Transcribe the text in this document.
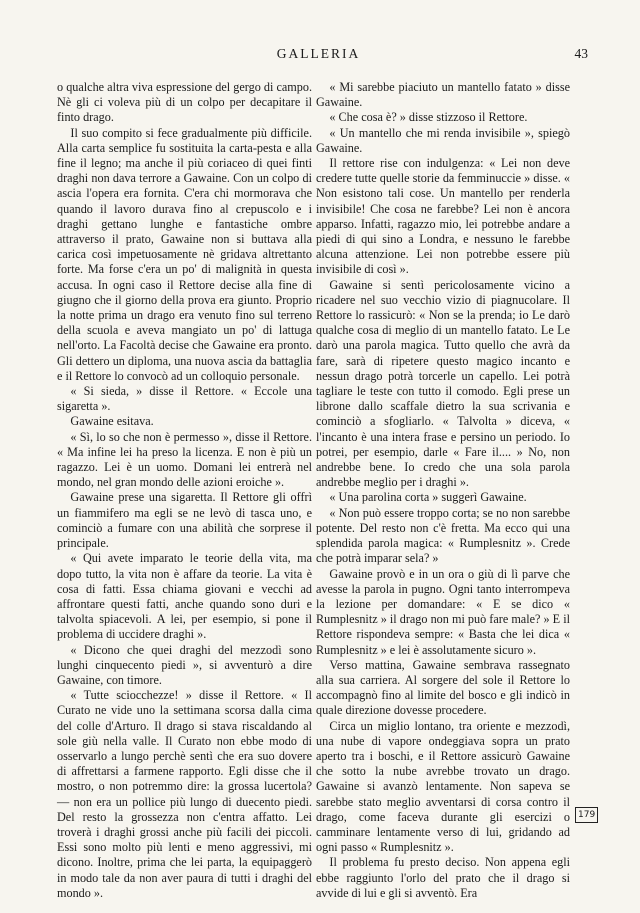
GALLERIA	43

o qualche altra viva espressione del gergo di campo. Nè gli ci voleva più di un colpo per decapitare il finto drago.

Il suo compito si fece gradualmente più difficile. Alla carta semplice fu sostituita la carta-pesta e alla fine il legno; ma anche il più coriaceo di quei finti draghi non dava terrore a Gawaine. Con un colpo di ascia l'opera era fornita. C'era chi mormorava che quando il lavoro durava fino al crepuscolo e i draghi gettano lunghe e fantastiche ombre attraverso il prato, Gawaine non si buttava alla carica così impetuosamente nè gridava altrettanto forte. Ma forse c'era un po' di malignità in questa accusa. In ogni caso il Rettore decise alla fine di giugno che il giorno della prova era giunto. Proprio la notte prima un drago era venuto fino sul terreno della scuola e aveva mangiato un po' di lattuga nell'orto. La Facoltà decise che Gawaine era pronto. Gli dettero un diploma, una nuova ascia da battaglia e il Rettore lo convocò ad un colloquio personale.

« Si sieda, » disse il Rettore. « Eccole una sigaretta ».

Gawaine esitava.

« Sì, lo so che non è permesso », disse il Rettore. « Ma infine lei ha preso la licenza. E non è più un ragazzo. Lei è un uomo. Domani lei entrerà nel mondo, nel gran mondo delle azioni eroiche ».

Gawaine prese una sigaretta. Il Rettore gli offrì un fiammifero ma egli se ne levò di tasca uno, e cominciò a fumare con una abilità che sorprese il principale.

« Qui avete imparato le teorie della vita, ma dopo tutto, la vita non è affare da teorie. La vita è cosa di fatti. Essa chiama giovani e vecchi ad affrontare questi fatti, anche quando sono duri e talvolta spiacevoli. A lei, per esempio, si pone il problema di uccidere draghi ».

« Dicono che quei draghi del mezzodì sono lunghi cinquecento piedi », si avventurò a dire Gawaine, con timore.

« Tutte sciocchezze! » disse il Rettore. « Il Curato ne vide uno la settimana scorsa dalla cima del colle d'Arturo. Il drago si stava riscaldando al sole giù nella valle. Il Curato non ebbe modo di osservarlo a lungo perchè sentì che era suo dovere di affrettarsi a farmene rapporto. Egli disse che il mostro, o non potremmo dire: la grossa lucertola? — non era un pollice più lungo di duecento piedi. Del resto la grossezza non c'entra affatto. Lei troverà i draghi grossi anche più facili dei piccoli. Essi sono molto più lenti e meno aggressivi, mi dicono. Inoltre, prima che lei parta, la equipaggerò in modo tale da non aver paura di tutti i draghi del mondo ».

« Mi sarebbe piaciuto un mantello fatato » disse Gawaine.

« Che cosa è? » disse stizzoso il Rettore.

« Un mantello che mi renda invisibile », spiegò Gawaine.

Il rettore rise con indulgenza: « Lei non deve credere tutte quelle storie da femminuccie » disse. « Non esistono tali cose. Un mantello per renderla invisibile! Che cosa ne farebbe? Lei non è ancora apparso. Infatti, ragazzo mio, lei potrebbe andare a piedi di qui sino a Londra, e nessuno le farebbe alcuna attenzione. Lei non potrebbe essere più invisibile di così ».

Gawaine si sentì pericolosamente vicino a ricadere nel suo vecchio vizio di piagnucolare. Il Rettore lo rassicurò: « Non se la prenda; io Le darò qualche cosa di meglio di un mantello fatato. Le Le darò una parola magica. Tutto quello che avrà da fare, sarà di ripetere questo magico incanto e nessun drago potrà torcerle un capello. Lei potrà tagliare le teste con tutto il comodo. Egli prese un librone dallo scaffale dietro la sua scrivania e cominciò a sfogliarlo. « Talvolta » diceva, « l'incanto è una intera frase e persino un periodo. Io potrei, per esempio, darle « Fare il.... » No, non andrebbe bene. Io credo che una sola parola andrebbe meglio per i draghi ».

« Una parolina corta » suggerì Gawaine.

« Non può essere troppo corta; se no non sarebbe potente. Del resto non c'è fretta. Ma ecco qui una splendida parola magica: « Rumplesnitz ». Crede che potrà imparar sela? »

Gawaine provò e in un ora o giù di lì parve che avesse la parola in pugno. Ogni tanto interrompeva la lezione per domandare: « E se dico « Rumplesnitz » il drago non mi può fare male? » E il Rettore rispondeva sempre: « Basta che lei dica « Rumplesnitz » e lei è assolutamente sicuro ».

Verso mattina, Gawaine sembrava rassegnato alla sua carriera. Al sorgere del sole il Rettore lo accompagnò fino al limite del bosco e gli indicò in quale direzione dovesse procedere.

Circa un miglio lontano, tra oriente e mezzodì, una nube di vapore ondeggiava sopra un prato aperto tra i boschi, e il Rettore assicurò Gawaine che sotto la nube avrebbe trovato un drago. Gawaine si avanzò lentamente. Non sapeva se sarebbe stato meglio avventarsi di corsa contro il drago, come faceva durante gli esercizi o camminare lentamente verso di lui, gridando ad ogni passo « Rumplesnitz ».

Il problema fu presto deciso. Non appena egli ebbe raggiunto l'orlo del prato che il drago si avvide di lui e gli si avventò. Era

179
